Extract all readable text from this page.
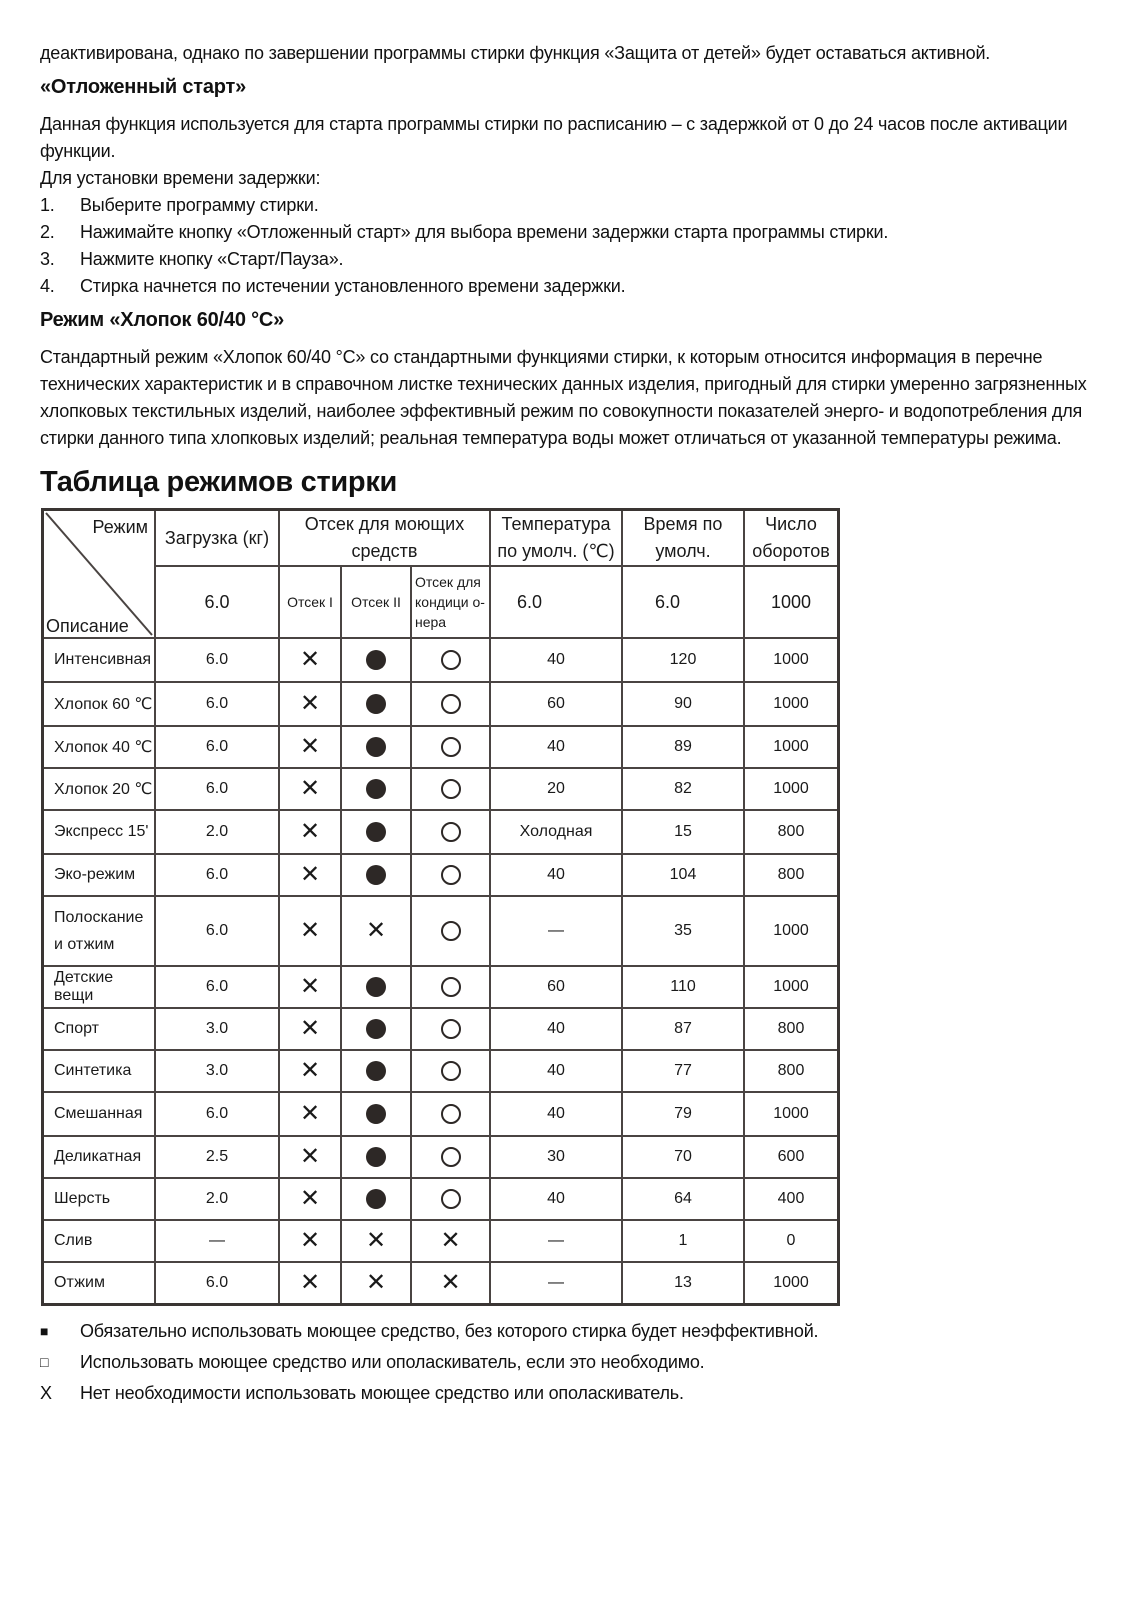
деактивирована, однако по завершении программы стирки функция «Защита от детей» будет оставаться активной.

«Отложенный старт»

Данная функция используется для старта программы стирки по расписанию – с задержкой от 0 до 24 часов после активации функции.

Для установки времени задержки:

1.	Выберите программу стирки.
2.	Нажимайте кнопку «Отложенный старт» для выбора времени задержки старта программы стирки.
3.	Нажмите кнопку «Старт/Пауза».
4.	Стирка начнется по истечении установленного времени задержки.
Режим «Хлопок 60/40 °C»

Стандартный режим «Хлопок 60/40 °C» со стандартными функциями стирки, к которым относится информация в перечне технических характеристик и в справочном листке технических данных изделия, пригодный для стирки умеренно загрязненных хлопковых текстильных изделий, наиболее эффективный режим по совокупности показателей энерго- и водопотребления для стирки данного типа хлопковых изделий; реальная температура воды может отличаться от указанной температуры режима.

Таблица режимов стирки
Режим
Описание	Загрузка (кг)	Отсек для моющих средств			Температура по умолч. (℃)	Время по умолч.	Число оборотов
	6.0	Отсек I	Отсек II	Отсек для кондици о-нера	6.0	6.0	1000
Интенсивная	6.0	✕			40	120	1000
Хлопок 60 ℃	6.0	✕			60	90	1000
Хлопок 40 ℃	6.0	✕			40	89	1000
Хлопок 20 ℃	6.0	✕			20	82	1000
Экспресс 15'	2.0	✕			Холодная	15	800
Эко-режим	6.0	✕			40	104	800
Полоскание и отжим	6.0	✕	✕		—	35	1000
Детские вещи	6.0	✕			60	110	1000
Спорт	3.0	✕			40	87	800
Синтетика	3.0	✕			40	77	800
Смешанная	6.0	✕			40	79	1000
Деликатная	2.5	✕			30	70	600
Шерсть	2.0	✕			40	64	400
Слив	—	✕	✕	✕	—	1	0
Отжим	6.0	✕	✕	✕	—	13	1000
■	Обязательно использовать моющее средство, без которого стирка будет неэффективной.
□	Использовать моющее средство или ополаскиватель, если это необходимо.
X	Нет необходимости использовать моющее средство или ополаскиватель.
